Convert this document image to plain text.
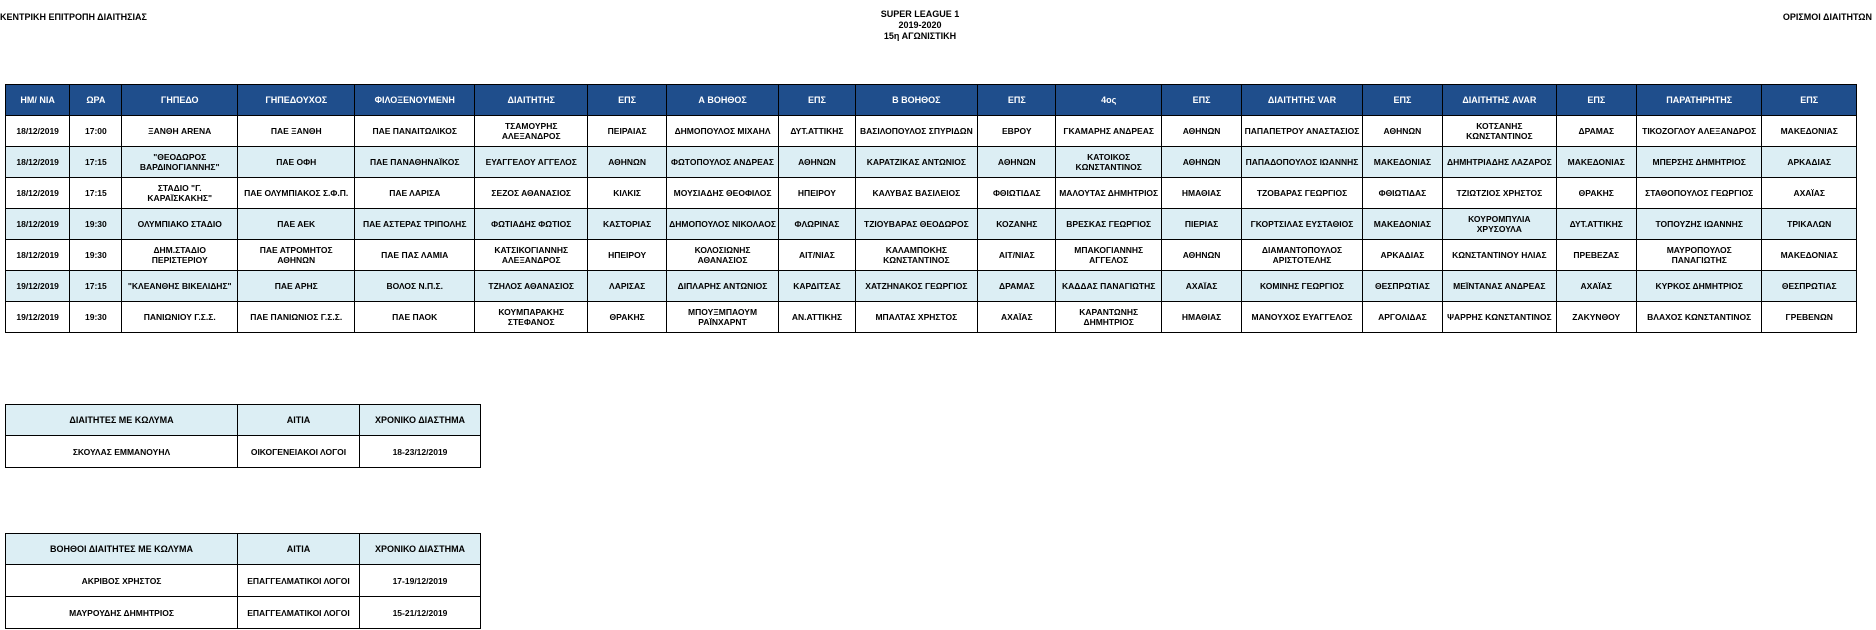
ΚΕΝΤΡΙΚΗ ΕΠΙΤΡΟΠΗ ΔΙΑΙΤΗΣΙΑΣ	SUPER LEAGUE 1
2019-2020
15η ΑΓΩΝΙΣΤΙΚΗ
ΟΡΙΣΜΟΙ ΔΙΑΙΤΗΤΩΝ
ΗΜ/ ΝΙΑ	ΩΡΑ	ΓΗΠΕΔΟ	ΓΗΠΕΔΟΥΧΟΣ	ΦΙΛΟΞΕΝΟΥΜΕΝΗ	ΔΙΑΙΤΗΤΗΣ	ΕΠΣ	Α ΒΟΗΘΟΣ	ΕΠΣ	Β ΒΟΗΘΟΣ	ΕΠΣ	4ος	ΕΠΣ	ΔΙΑΙΤΗΤΗΣ VAR	ΕΠΣ	ΔΙΑΙΤΗΤΗΣ AVAR	ΕΠΣ	ΠΑΡΑΤΗΡΗΤΗΣ	ΕΠΣ
18/12/2019	17:00	ΞΑΝΘΗ ARENA	ΠΑΕ ΞΑΝΘΗ	ΠΑΕ ΠΑΝΑΙΤΩΛΙΚΟΣ	ΤΣΑΜΟΥΡΗΣ ΑΛΕΞΑΝΔΡΟΣ	ΠΕΙΡΑΙΑΣ	ΔΗΜΟΠΟΥΛΟΣ ΜΙΧΑΗΛ	ΔΥΤ.ΑΤΤΙΚΗΣ	ΒΑΣΙΛΟΠΟΥΛΟΣ ΣΠΥΡΙΔΩΝ	ΕΒΡΟΥ	ΓΚΑΜΑΡΗΣ ΑΝΔΡΕΑΣ	ΑΘΗΝΩΝ	ΠΑΠΑΠΕΤΡΟΥ ΑΝΑΣΤΑΣΙΟΣ	ΑΘΗΝΩΝ	ΚΟΤΣΑΝΗΣ ΚΩΝΣΤΑΝΤΙΝΟΣ	ΔΡΑΜΑΣ	ΤΙΚΟΖΟΓΛΟΥ ΑΛΕΞΑΝΔΡΟΣ	ΜΑΚΕΔΟΝΙΑΣ
18/12/2019	17:15	"ΘΕΟΔΩΡΟΣ ΒΑΡΔΙΝΟΓΙΑΝΝΗΣ"	ΠΑΕ ΟΦΗ	ΠΑΕ ΠΑΝΑΘΗΝΑΪΚΟΣ	ΕΥΑΓΓΕΛΟΥ ΑΓΓΕΛΟΣ	ΑΘΗΝΩΝ	ΦΩΤΟΠΟΥΛΟΣ ΑΝΔΡΕΑΣ	ΑΘΗΝΩΝ	ΚΑΡΑΤΖΙΚΑΣ ΑΝΤΩΝΙΟΣ	ΑΘΗΝΩΝ	ΚΑΤΟΙΚΟΣ ΚΩΝΣΤΑΝΤΙΝΟΣ	ΑΘΗΝΩΝ	ΠΑΠΑΔΟΠΟΥΛΟΣ ΙΩΑΝΝΗΣ	ΜΑΚΕΔΟΝΙΑΣ	ΔΗΜΗΤΡΙΑΔΗΣ ΛΑΖΑΡΟΣ	ΜΑΚΕΔΟΝΙΑΣ	ΜΠΕΡΣΗΣ ΔΗΜΗΤΡΙΟΣ	ΑΡΚΑΔΙΑΣ
18/12/2019	17:15	ΣΤΑΔΙΟ "Γ. ΚΑΡΑΪΣΚΑΚΗΣ"	ΠΑΕ ΟΛΥΜΠΙΑΚΟΣ Σ.Φ.Π.	ΠΑΕ ΛΑΡΙΣΑ	ΣΕΖΟΣ ΑΘΑΝΑΣΙΟΣ	ΚΙΛΚΙΣ	ΜΟΥΣΙΑΔΗΣ ΘΕΟΦΙΛΟΣ	ΗΠΕΙΡΟΥ	ΚΑΛΥΒΑΣ ΒΑΣΙΛΕΙΟΣ	ΦΘΙΩΤΙΔΑΣ	ΜΑΛΟΥΤΑΣ ΔΗΜΗΤΡΙΟΣ	ΗΜΑΘΙΑΣ	ΤΖΟΒΑΡΑΣ ΓΕΩΡΓΙΟΣ	ΦΘΙΩΤΙΔΑΣ	ΤΖΙΩΤΖΙΟΣ ΧΡΗΣΤΟΣ	ΘΡΑΚΗΣ	ΣΤΑΘΟΠΟΥΛΟΣ ΓΕΩΡΓΙΟΣ	ΑΧΑΪΑΣ
18/12/2019	19:30	ΟΛΥΜΠΙΑΚΟ ΣΤΑΔΙΟ	ΠΑΕ ΑΕΚ	ΠΑΕ ΑΣΤΕΡΑΣ ΤΡΙΠΟΛΗΣ	ΦΩΤΙΑΔΗΣ ΦΩΤΙΟΣ	ΚΑΣΤΟΡΙΑΣ	ΔΗΜΟΠΟΥΛΟΣ ΝΙΚΟΛΑΟΣ	ΦΛΩΡΙΝΑΣ	ΤΖΙΟΥΒΑΡΑΣ ΘΕΟΔΩΡΟΣ	ΚΟΖΑΝΗΣ	ΒΡΕΣΚΑΣ ΓΕΩΡΓΙΟΣ	ΠΙΕΡΙΑΣ	ΓΚΟΡΤΣΙΛΑΣ ΕΥΣΤΑΘΙΟΣ	ΜΑΚΕΔΟΝΙΑΣ	ΚΟΥΡΟΜΠΥΛΙΑ ΧΡΥΣΟΥΛΑ	ΔΥΤ.ΑΤΤΙΚΗΣ	ΤΟΠΟΥΖΗΣ ΙΩΑΝΝΗΣ	ΤΡΙΚΑΛΩΝ
18/12/2019	19:30	ΔΗΜ.ΣΤΑΔΙΟ ΠΕΡΙΣΤΕΡΙΟΥ	ΠΑΕ ΑΤΡΟΜΗΤΟΣ ΑΘΗΝΩΝ	ΠΑΕ ΠΑΣ ΛΑΜΙΑ	ΚΑΤΣΙΚΟΓΙΑΝΝΗΣ ΑΛΕΞΑΝΔΡΟΣ	ΗΠΕΙΡΟΥ	ΚΟΛΟΣΙΩΝΗΣ ΑΘΑΝΑΣΙΟΣ	ΑΙΤ/ΝΙΑΣ	ΚΑΛΑΜΠΟΚΗΣ ΚΩΝΣΤΑΝΤΙΝΟΣ	ΑΙΤ/ΝΙΑΣ	ΜΠΑΚΟΓΙΑΝΝΗΣ ΑΓΓΕΛΟΣ	ΑΘΗΝΩΝ	ΔΙΑΜΑΝΤΟΠΟΥΛΟΣ ΑΡΙΣΤΟΤΕΛΗΣ	ΑΡΚΑΔΙΑΣ	ΚΩΝΣΤΑΝΤΙΝΟΥ ΗΛΙΑΣ	ΠΡΕΒΕΖΑΣ	ΜΑΥΡΟΠΟΥΛΟΣ ΠΑΝΑΓΙΩΤΗΣ	ΜΑΚΕΔΟΝΙΑΣ
19/12/2019	17:15	"ΚΛΕΑΝΘΗΣ ΒΙΚΕΛΙΔΗΣ"	ΠΑΕ ΑΡΗΣ	ΒΟΛΟΣ Ν.Π.Σ.	ΤΖΗΛΟΣ ΑΘΑΝΑΣΙΟΣ	ΛΑΡΙΣΑΣ	ΔΙΠΛΑΡΗΣ ΑΝΤΩΝΙΟΣ	ΚΑΡΔΙΤΣΑΣ	ΧΑΤΖΗΝΑΚΟΣ ΓΕΩΡΓΙΟΣ	ΔΡΑΜΑΣ	ΚΑΔΔΑΣ ΠΑΝΑΓΙΩΤΗΣ	ΑΧΑΪΑΣ	ΚΟΜΙΝΗΣ ΓΕΩΡΓΙΟΣ	ΘΕΣΠΡΩΤΙΑΣ	ΜΕΪΝΤΑΝΑΣ ΑΝΔΡΕΑΣ	ΑΧΑΪΑΣ	ΚΥΡΚΟΣ ΔΗΜΗΤΡΙΟΣ	ΘΕΣΠΡΩΤΙΑΣ
19/12/2019	19:30	ΠΑΝΙΩΝΙΟΥ Γ.Σ.Σ.	ΠΑΕ ΠΑΝΙΩΝΙΟΣ Γ.Σ.Σ.	ΠΑΕ ΠΑΟΚ	ΚΟΥΜΠΑΡΑΚΗΣ ΣΤΕΦΑΝΟΣ	ΘΡΑΚΗΣ	ΜΠΟΥΞΜΠΑΟΥΜ ΡΑΪΝΧΑΡΝΤ	ΑΝ.ΑΤΤΙΚΗΣ	ΜΠΑΛΤΑΣ ΧΡΗΣΤΟΣ	ΑΧΑΪΑΣ	ΚΑΡΑΝΤΩΝΗΣ ΔΗΜΗΤΡΙΟΣ	ΗΜΑΘΙΑΣ	ΜΑΝΟΥΧΟΣ ΕΥΑΓΓΕΛΟΣ	ΑΡΓΟΛΙΔΑΣ	ΨΑΡΡΗΣ ΚΩΝΣΤΑΝΤΙΝΟΣ	ΖΑΚΥΝΘΟΥ	ΒΛΑΧΟΣ ΚΩΝΣΤΑΝΤΙΝΟΣ	ΓΡΕΒΕΝΩΝ
ΔΙΑΙΤΗΤΕΣ ΜΕ ΚΩΛΥΜΑ	ΑΙΤΙΑ	ΧΡΟΝΙΚΟ ΔΙΑΣΤΗΜΑ
ΣΚΟΥΛΑΣ ΕΜΜΑΝΟΥΗΛ	ΟΙΚΟΓΕΝΕΙΑΚΟΙ ΛΟΓΟΙ	18-23/12/2019
ΒΟΗΘΟΙ ΔΙΑΙΤΗΤΕΣ ΜΕ ΚΩΛΥΜΑ	ΑΙΤΙΑ	ΧΡΟΝΙΚΟ ΔΙΑΣΤΗΜΑ
ΑΚΡΙΒΟΣ ΧΡΗΣΤΟΣ	ΕΠΑΓΓΕΛΜΑΤΙΚΟΙ ΛΟΓΟΙ	17-19/12/2019
ΜΑΥΡΟΥΔΗΣ ΔΗΜΗΤΡΙΟΣ	ΕΠΑΓΓΕΛΜΑΤΙΚΟΙ ΛΟΓΟΙ	15-21/12/2019
